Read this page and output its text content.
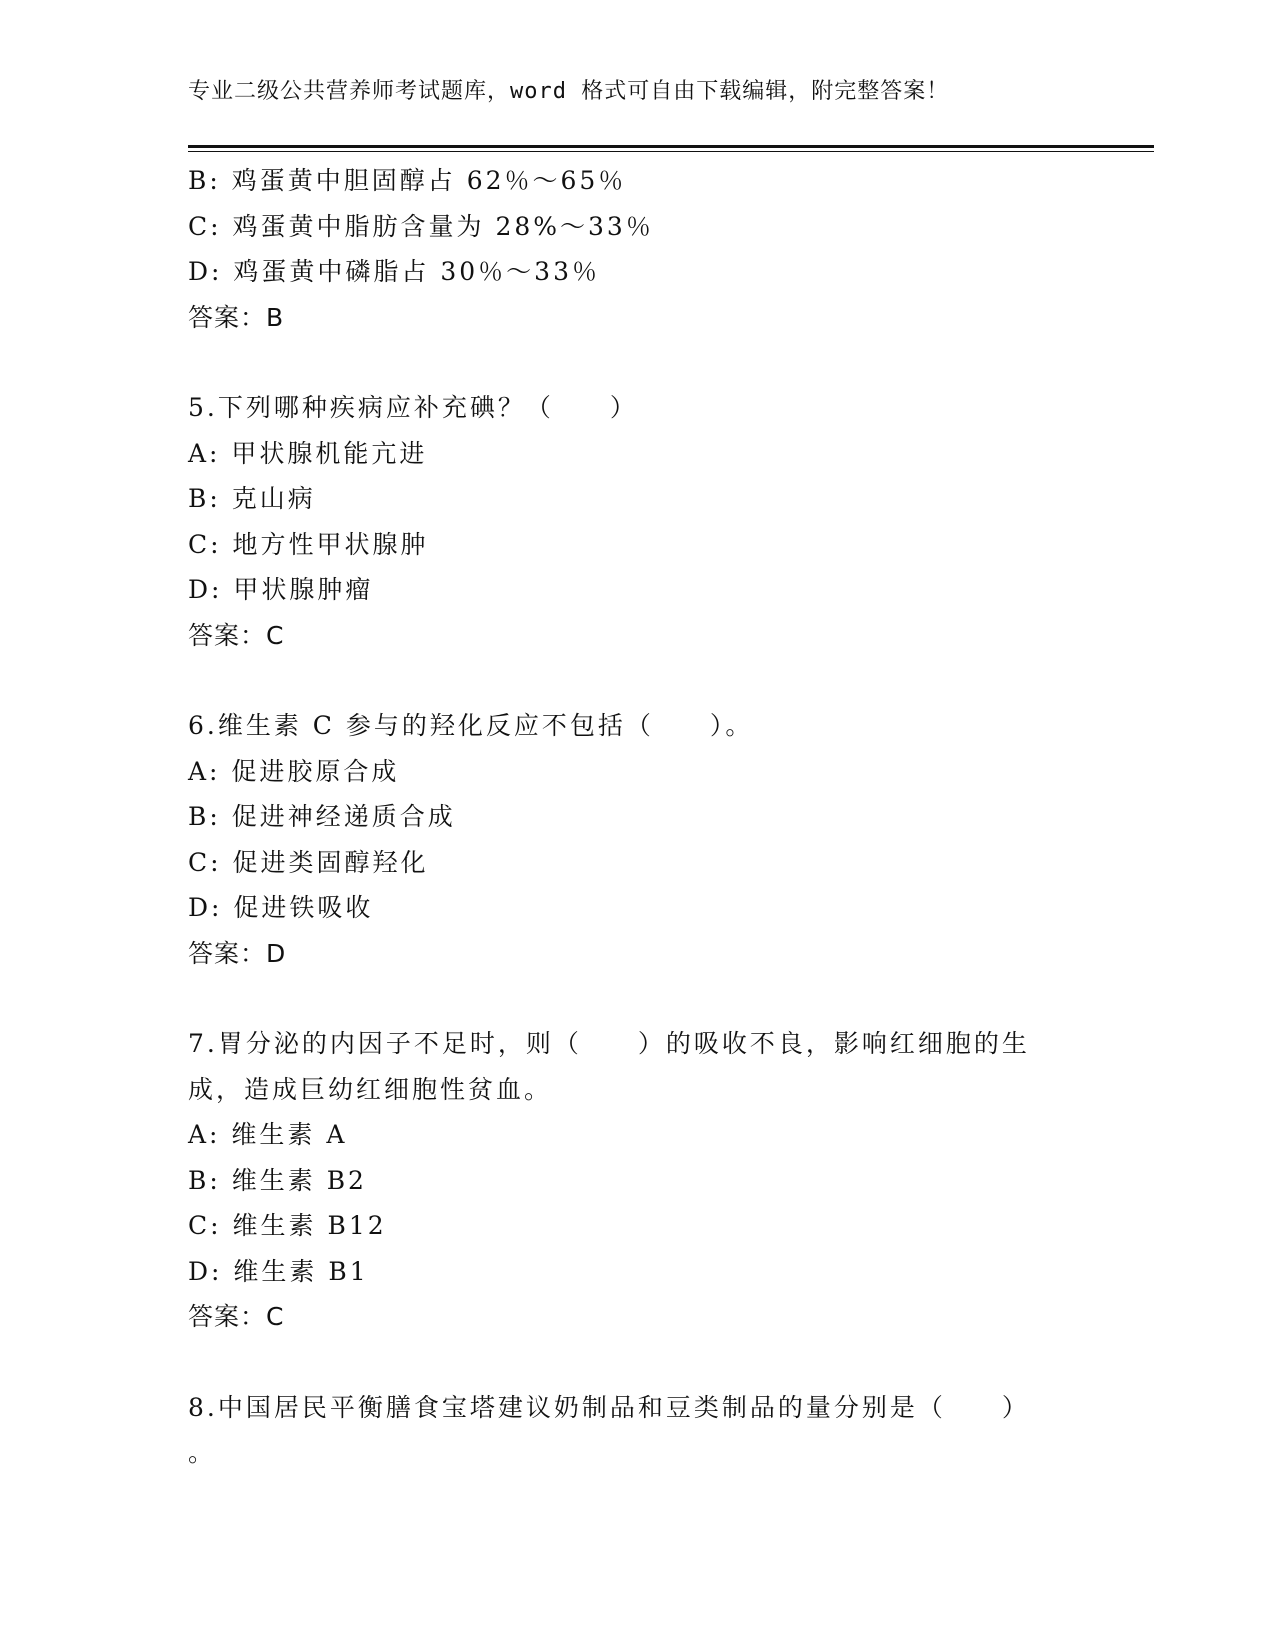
专业二级公共营养师考试题库，word 格式可自由下载编辑，附完整答案！
B: 鸡蛋黄中胆固醇占 62％～65％
C: 鸡蛋黄中脂肪含量为 28%～33％
D: 鸡蛋黄中磷脂占 30％～33％
答案：B
5.下列哪种疾病应补充碘？（　　）
A: 甲状腺机能亢进
B: 克山病
C: 地方性甲状腺肿
D: 甲状腺肿瘤
答案：C
6.维生素 C 参与的羟化反应不包括（　　）。
A: 促进胶原合成
B: 促进神经递质合成
C: 促进类固醇羟化
D: 促进铁吸收
答案：D
7.胃分泌的内因子不足时，则（　　）的吸收不良，影响红细胞的生
成，造成巨幼红细胞性贫血。
A: 维生素 A
B: 维生素 B2
C: 维生素 B12
D: 维生素 B1
答案：C
8.中国居民平衡膳食宝塔建议奶制品和豆类制品的量分别是（　　）
。
